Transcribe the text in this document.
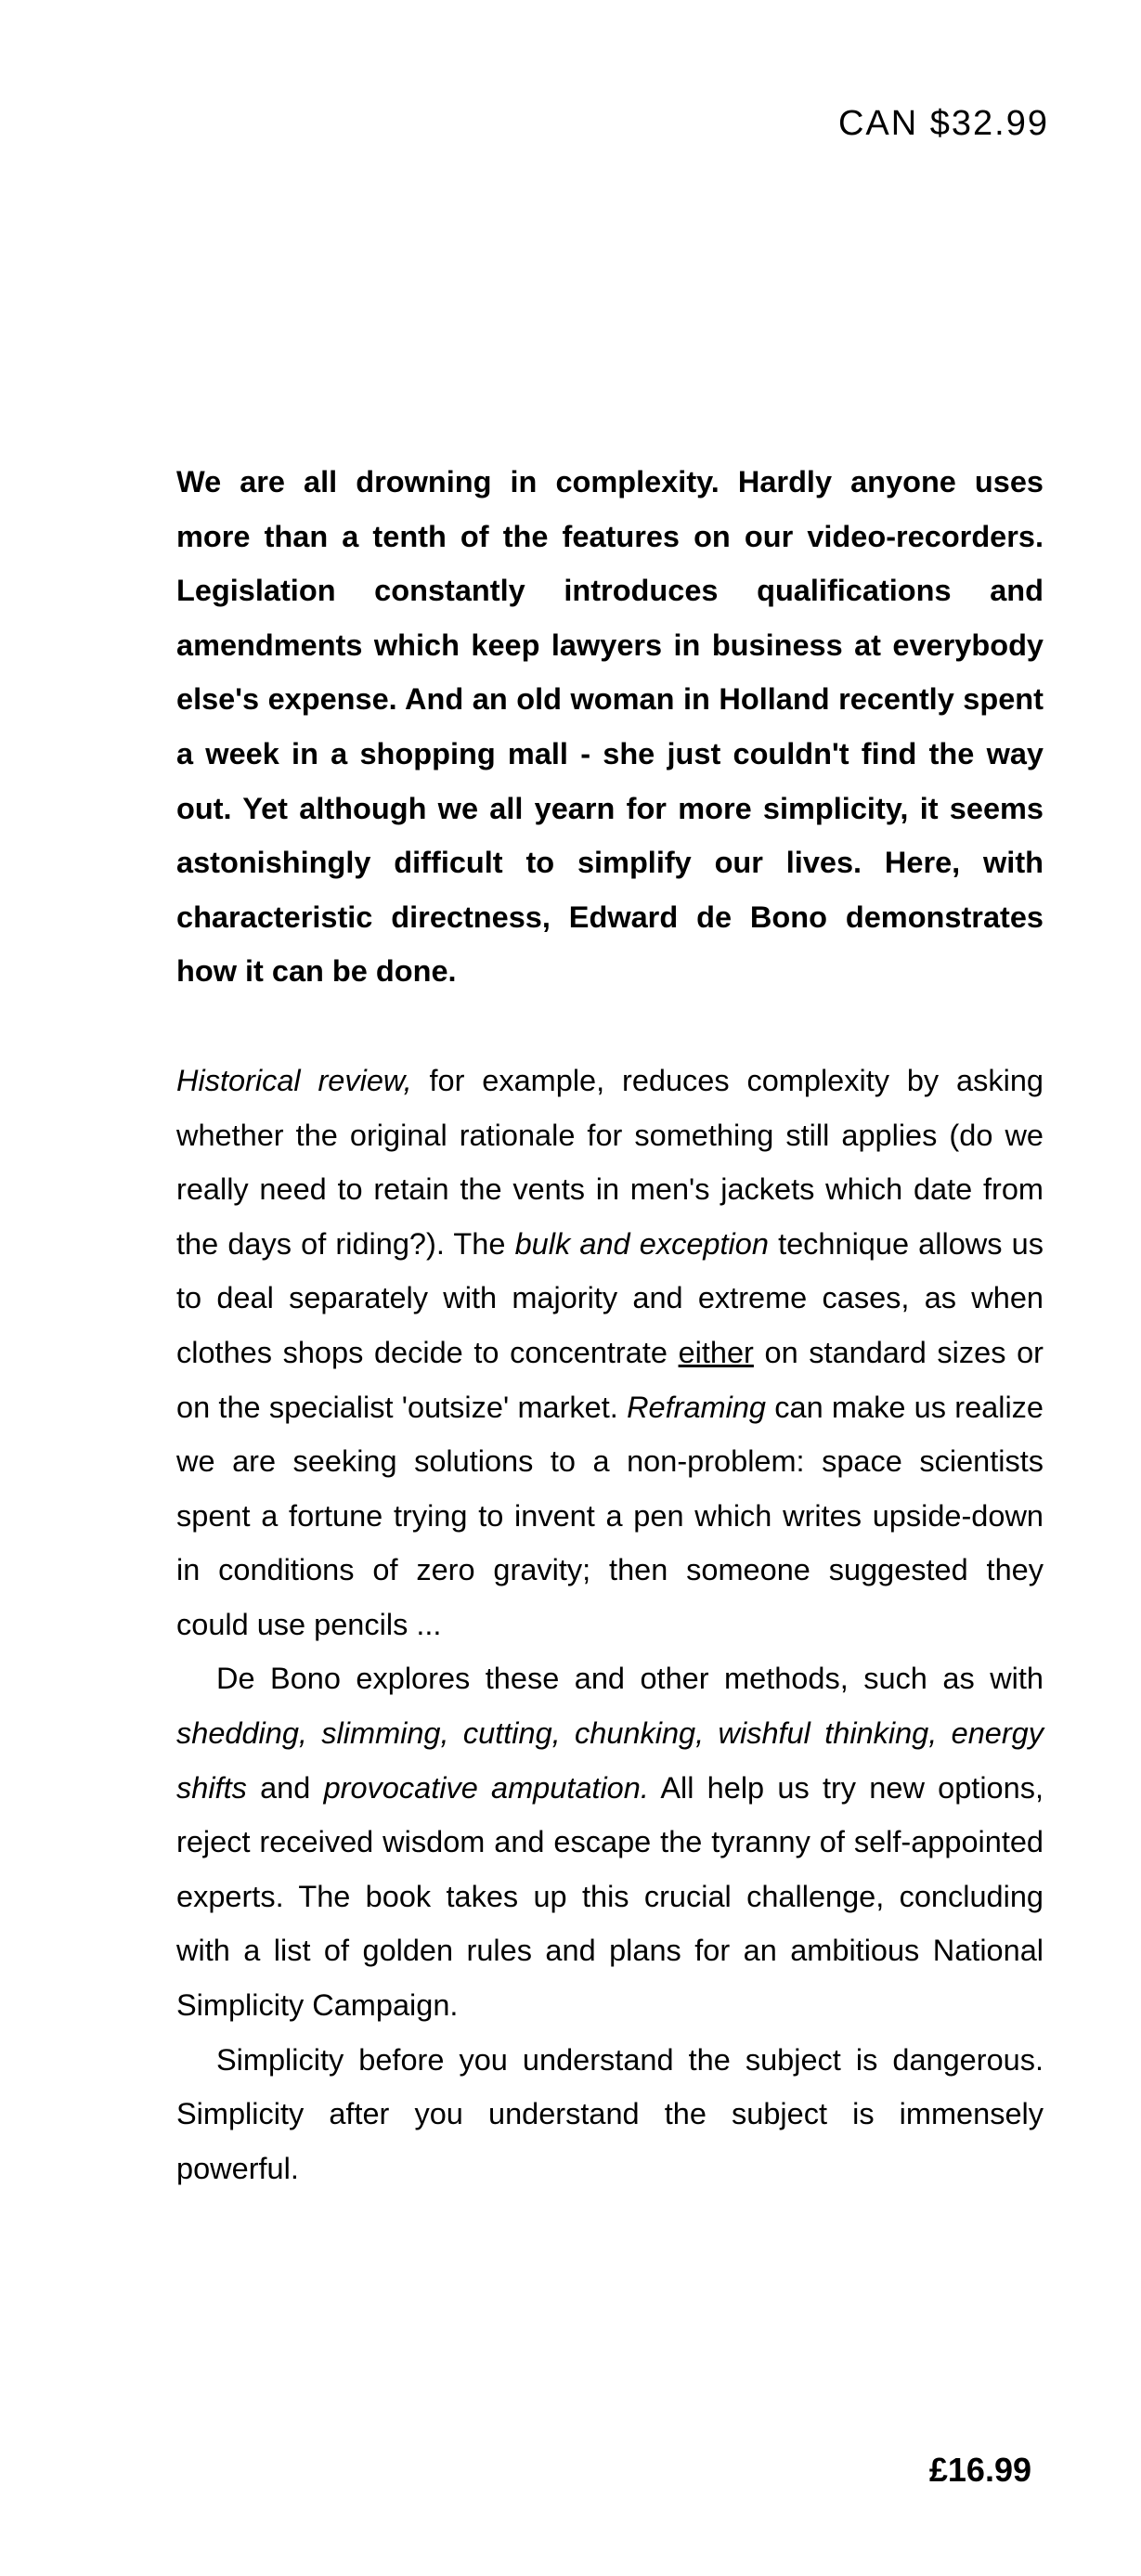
CAN $32.99

We are all drowning in complexity. Hardly anyone uses more than a tenth of the features on our video-recorders. Legislation constantly introduces qualifications and amendments which keep lawyers in business at everybody else's expense. And an old woman in Holland recently spent a week in a shopping mall - she just couldn't find the way out. Yet although we all yearn for more simplicity, it seems astonishingly difficult to simplify our lives. Here, with characteristic directness, Edward de Bono demonstrates how it can be done.

Historical review, for example, reduces complexity by asking whether the original rationale for something still applies (do we really need to retain the vents in men's jackets which date from the days of riding?). The bulk and exception technique allows us to deal separately with majority and extreme cases, as when clothes shops decide to concentrate either on standard sizes or on the specialist 'outsize' market. Reframing can make us realize we are seeking solutions to a non-problem: space scientists spent a fortune trying to invent a pen which writes upside-down in conditions of zero gravity; then someone suggested they could use pencils ...

De Bono explores these and other methods, such as with shedding, slimming, cutting, chunking, wishful thinking, energy shifts and provocative amputation. All help us try new options, reject received wisdom and escape the tyranny of self-appointed experts. The book takes up this crucial challenge, concluding with a list of golden rules and plans for an ambitious National Simplicity Campaign.

Simplicity before you understand the subject is dangerous. Simplicity after you understand the subject is immensely powerful.

£16.99
